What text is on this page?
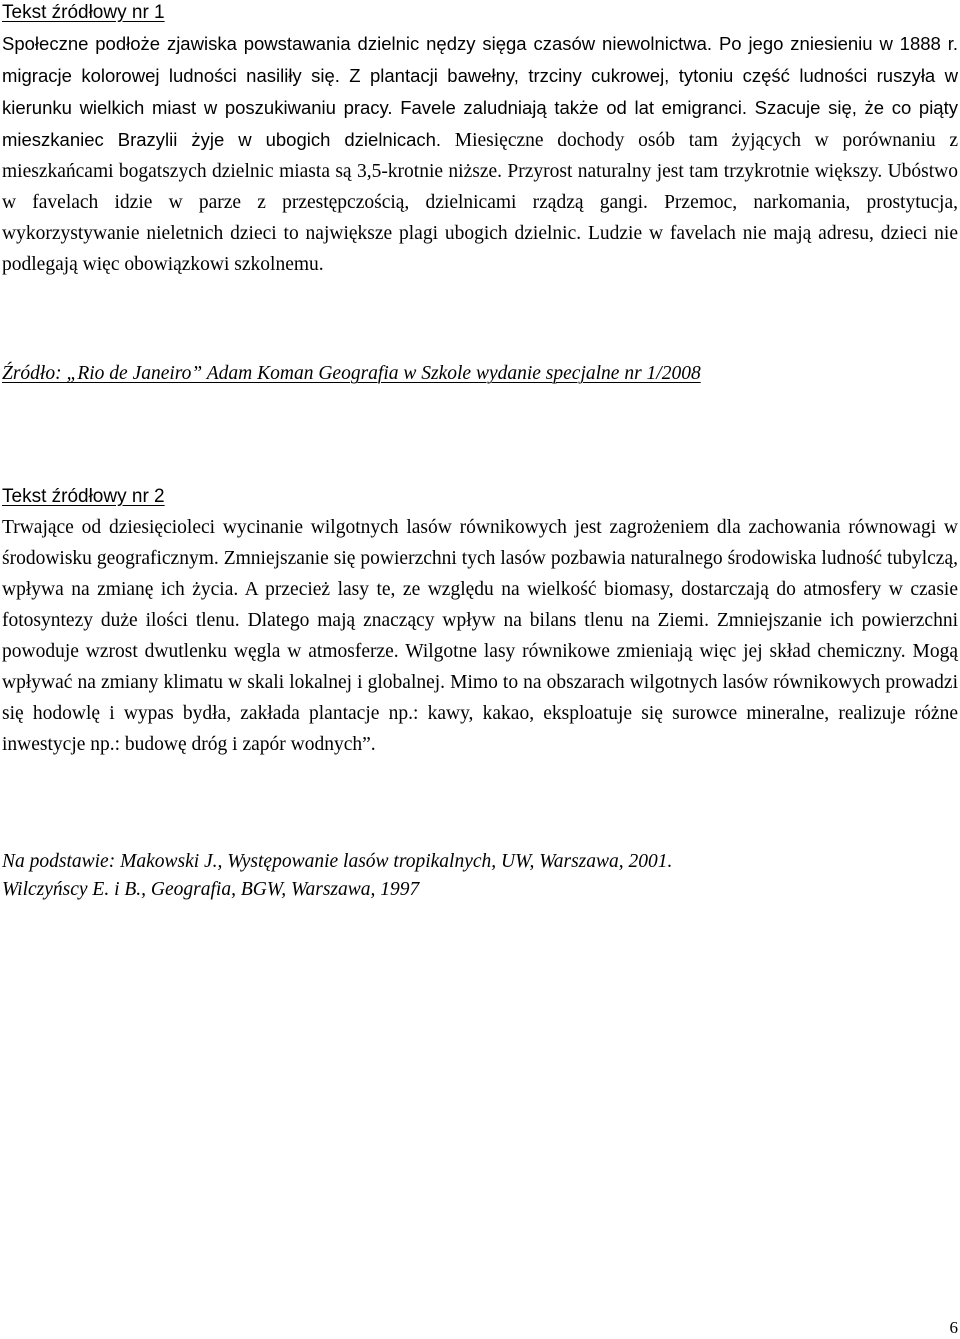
Tekst źródłowy nr 1

Społeczne podłoże zjawiska powstawania dzielnic nędzy sięga czasów niewolnictwa. Po jego zniesieniu w 1888 r. migracje kolorowej ludności nasiliły się. Z plantacji bawełny, trzciny cukrowej, tytoniu część ludności ruszyła w kierunku wielkich miast w poszukiwaniu pracy. Favele zaludniają także od lat emigranci. Szacuje się, że co piąty mieszkaniec Brazylii żyje w ubogich dzielnicach. Miesięczne dochody osób tam żyjących w porównaniu z mieszkańcami bogatszych dzielnic miasta są 3,5-krotnie niższe. Przyrost naturalny jest tam trzykrotnie większy. Ubóstwo w favelach idzie w parze z przestępczością, dzielnicami rządzą gangi. Przemoc, narkomania, prostytucja, wykorzystywanie nieletnich dzieci to największe plagi ubogich dzielnic. Ludzie w favelach nie mają adresu, dzieci nie podlegają więc obowiązkowi szkolnemu.

Źródło: „Rio de Janeiro” Adam Koman Geografia w Szkole wydanie specjalne nr 1/2008

Tekst źródłowy nr 2

Trwające od dziesięcioleci wycinanie wilgotnych lasów równikowych jest zagrożeniem dla zachowania równowagi w środowisku geograficznym. Zmniejszanie się powierzchni tych lasów pozbawia naturalnego środowiska ludność tubylczą, wpływa na zmianę ich życia. A przecież lasy te, ze względu na wielkość biomasy, dostarczają do atmosfery w czasie fotosyntezy duże ilości tlenu. Dlatego mają znaczący wpływ na bilans tlenu na Ziemi. Zmniejszanie ich powierzchni powoduje wzrost dwutlenku węgla w atmosferze. Wilgotne lasy równikowe zmieniają więc jej skład chemiczny. Mogą wpływać na zmiany klimatu w skali lokalnej i globalnej. Mimo to na obszarach wilgotnych lasów równikowych prowadzi się hodowlę i wypas bydła, zakłada plantacje np.: kawy, kakao, eksploatuje się surowce mineralne, realizuje różne inwestycje np.: budowę dróg i zapór wodnych”.

Na podstawie: Makowski J., Występowanie lasów tropikalnych, UW, Warszawa, 2001.

Wilczyńscy E. i B., Geografia, BGW, Warszawa, 1997

6
